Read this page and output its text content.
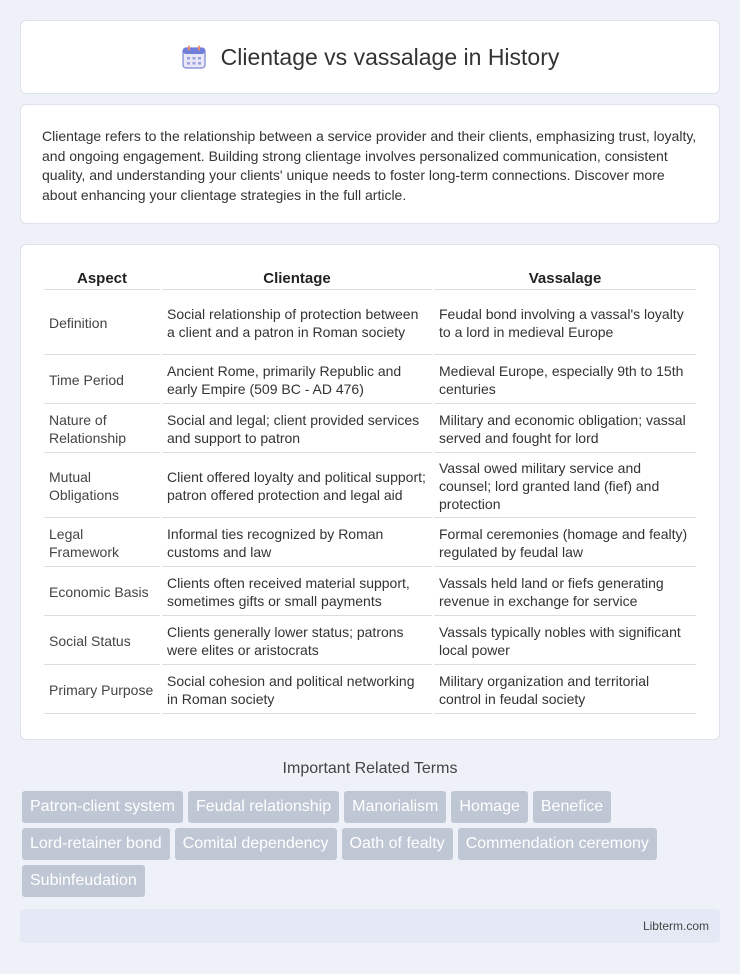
Clientage vs vassalage in History

Clientage refers to the relationship between a service provider and their clients, emphasizing trust, loyalty, and ongoing engagement. Building strong clientage involves personalized communication, consistent quality, and understanding your clients' unique needs to foster long-term connections. Discover more about enhancing your clientage strategies in the full article.

Aspect	Clientage	Vassalage
Definition	Social relationship of protection between a client and a patron in Roman society	Feudal bond involving a vassal's loyalty to a lord in medieval Europe
Time Period	Ancient Rome, primarily Republic and early Empire (509 BC - AD 476)	Medieval Europe, especially 9th to 15th centuries
Nature of Relationship	Social and legal; client provided services and support to patron	Military and economic obligation; vassal served and fought for lord
Mutual Obligations	Client offered loyalty and political support; patron offered protection and legal aid	Vassal owed military service and counsel; lord granted land (fief) and protection
Legal Framework	Informal ties recognized by Roman customs and law	Formal ceremonies (homage and fealty) regulated by feudal law
Economic Basis	Clients often received material support, sometimes gifts or small payments	Vassals held land or fiefs generating revenue in exchange for service
Social Status	Clients generally lower status; patrons were elites or aristocrats	Vassals typically nobles with significant local power
Primary Purpose	Social cohesion and political networking in Roman society	Military organization and territorial control in feudal society
Important Related Terms
Patron-client system	Feudal relationship	Manorialism	Homage	Benefice
Lord-retainer bond	Comital dependency	Oath of fealty	Commendation ceremony
Subinfeudation
Libterm.com
